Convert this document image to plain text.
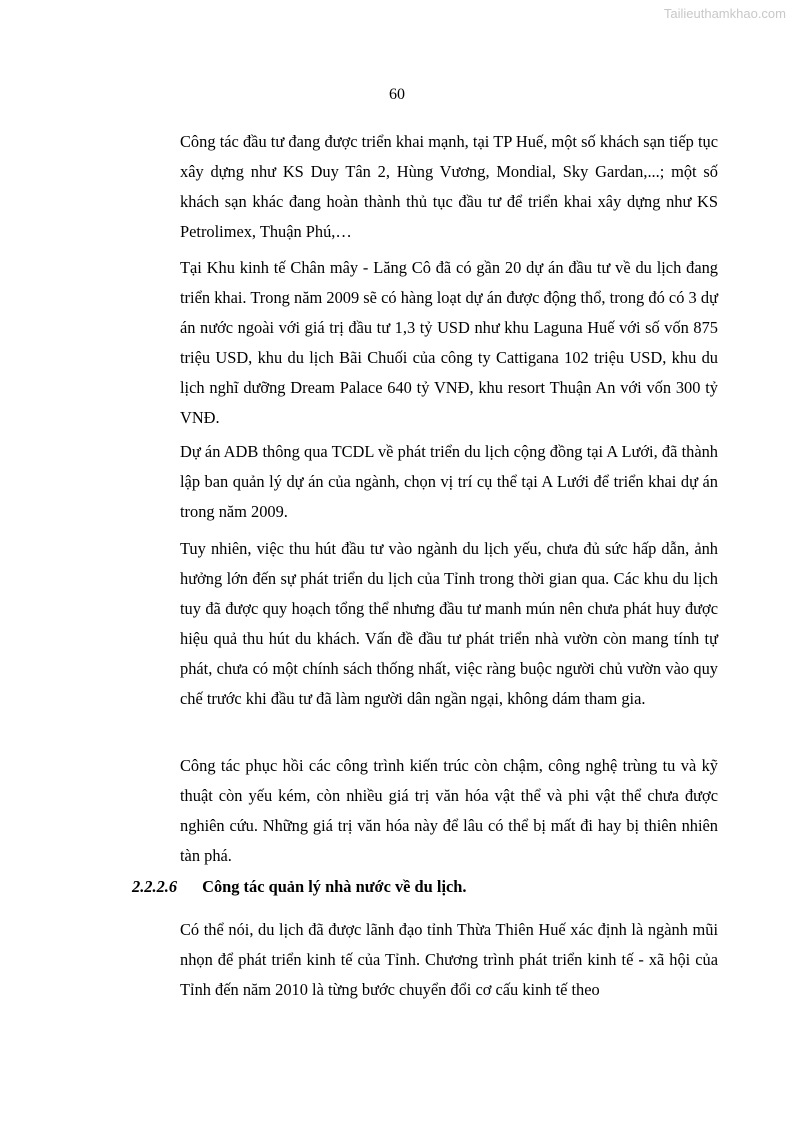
Tailieuthamkhao.com
60

Công tác đầu tư đang được triển khai mạnh, tại TP Huế, một số khách sạn tiếp tục xây dựng như KS Duy Tân 2, Hùng Vương, Mondial, Sky Gardan,...; một số khách sạn khác đang hoàn thành thủ tục đầu tư để triển khai xây dựng như KS Petrolimex, Thuận Phú,…

Tại Khu kinh tế Chân mây - Lăng Cô đã có gần 20 dự án đầu tư về du lịch đang triển khai. Trong năm 2009 sẽ có hàng loạt dự án được động thổ, trong đó có 3 dự án nước ngoài với giá trị đầu tư 1,3 tỷ USD như khu Laguna Huế với số vốn 875 triệu USD, khu du lịch Bãi Chuối của công ty Cattigana 102 triệu USD, khu du lịch nghĩ dưỡng Dream Palace 640 tỷ VNĐ, khu resort Thuận An với vốn 300 tỷ VNĐ.

Dự án ADB thông qua TCDL về phát triển du lịch cộng đồng tại A Lưới, đã thành lập ban quản lý dự án của ngành, chọn vị trí cụ thể tại A Lưới để triển khai dự án trong năm 2009.

Tuy nhiên, việc thu hút đầu tư vào ngành du lịch yếu, chưa đủ sức hấp dẫn, ảnh hưởng lớn đến sự phát triển du lịch của Tỉnh trong thời gian qua. Các khu du lịch tuy đã được quy hoạch tổng thể nhưng đầu tư manh mún nên chưa phát huy được hiệu quả thu hút du khách. Vấn đề đầu tư phát triển nhà vườn còn mang tính tự phát, chưa có một chính sách thống nhất, việc ràng buộc người chủ vườn vào quy chế trước khi đầu tư đã làm người dân ngần ngại, không dám tham gia.

Công tác phục hồi các công trình kiến trúc còn chậm, công nghệ trùng tu và kỹ thuật còn yếu kém, còn nhiều giá trị văn hóa vật thể và phi vật thể chưa được nghiên cứu. Những giá trị văn hóa này để lâu có thể bị mất đi hay bị thiên nhiên tàn phá.

2.2.2.6 Công tác quản lý nhà nước về du lịch.

Có thể nói, du lịch đã được lãnh đạo tỉnh Thừa Thiên Huế xác định là ngành mũi nhọn để phát triển kinh tế của Tỉnh. Chương trình phát triển kinh tế - xã hội của Tỉnh đến năm 2010 là từng bước chuyển đổi cơ cấu kinh tế theo
